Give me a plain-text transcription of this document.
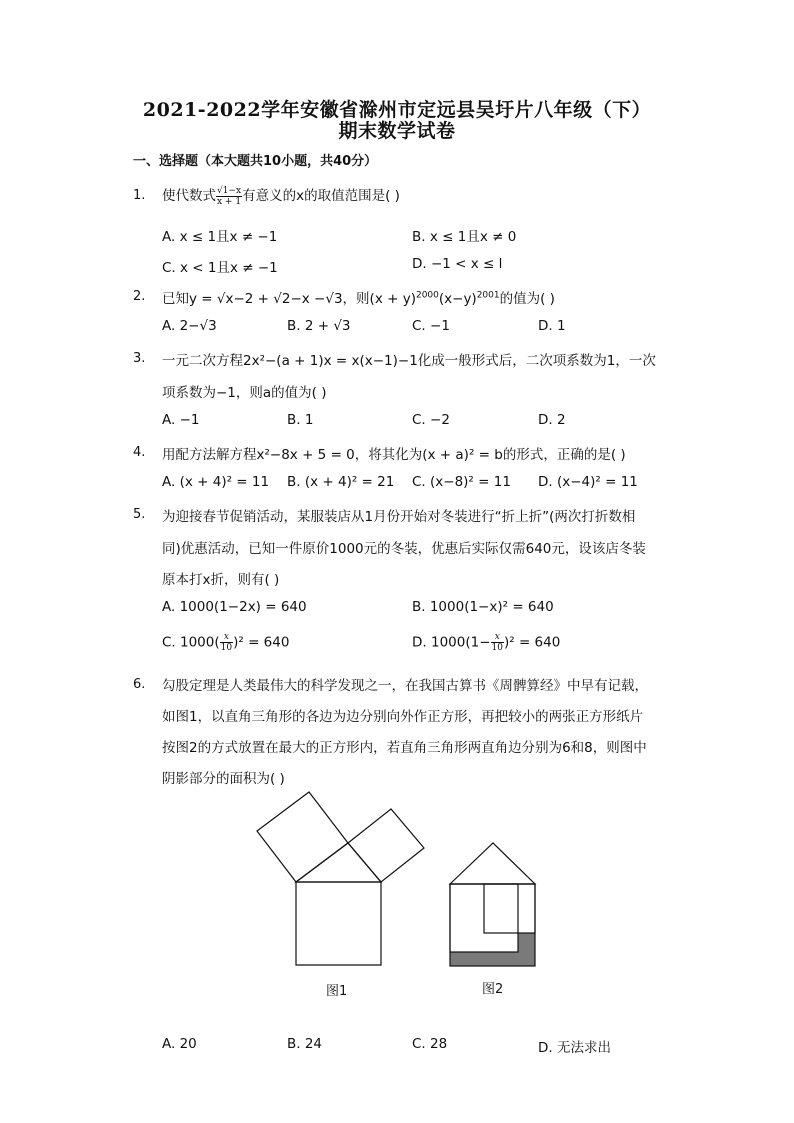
2021-2022学年安徽省滁州市定远县吴圩片八年级（下）
期末数学试卷
一、选择题（本大题共10小题，共40分）
1. 使代数式 $\frac{√1-x}{x + 1}$ 有意义的x的取值范围是( )
A. x ≤ 1且x ≠ −1	B. x ≤ 1且x ≠ 0
C. x < 1且x ≠ −1	D. −1 < x ≤ l
2. 已知y = √x−2 + √2−x −√3，则$(x + y)^{2000}(x-y)^{2001}$的值为( )
A. 2−√3	B. 2 + √3	C. −1	D. 1
3. 一元二次方程2x²−(a + 1)x = x(x−1)−1化成一般形式后，二次项系数为1，一次
项系数为−1，则a的值为( )
A. −1	B. 1	C. −2	D. 2
4. 用配方法解方程x²−8x + 5 = 0，将其化为(x + a)² = b的形式，正确的是( )
A. (x + 4)² = 11 B. (x + 4)² = 21 C. (x−8)² = 11 D. (x−4)² = 11
5. 为迎接春节促销活动，某服装店从1月份开始对冬装进行“折上折”(两次打折数相
同)优惠活动，已知一件原价1000元的冬装，优惠后实际仅需640元，设该店冬装
原本打x折，则有( )
A. 1000(1−2x) = 640	B. 1000(1−x)² = 640
C. $1000( \frac{x}{10} )^2 = 640$	D. $1000(1- \frac{x}{10} )^2 = 640$
6. 勾股定理是人类最伟大的科学发现之一，在我国古算书《周髀算经》中早有记载，
如图1，以直角三角形的各边为边分别向外作正方形，再把较小的两张正方形纸片
按图2的方式放置在最大的正方形内，若直角三角形两直角边分别为6和8，则图中
阴影部分的面积为( )
图1	图2
A. 20	B. 24	C. 28	D. 无法求出
